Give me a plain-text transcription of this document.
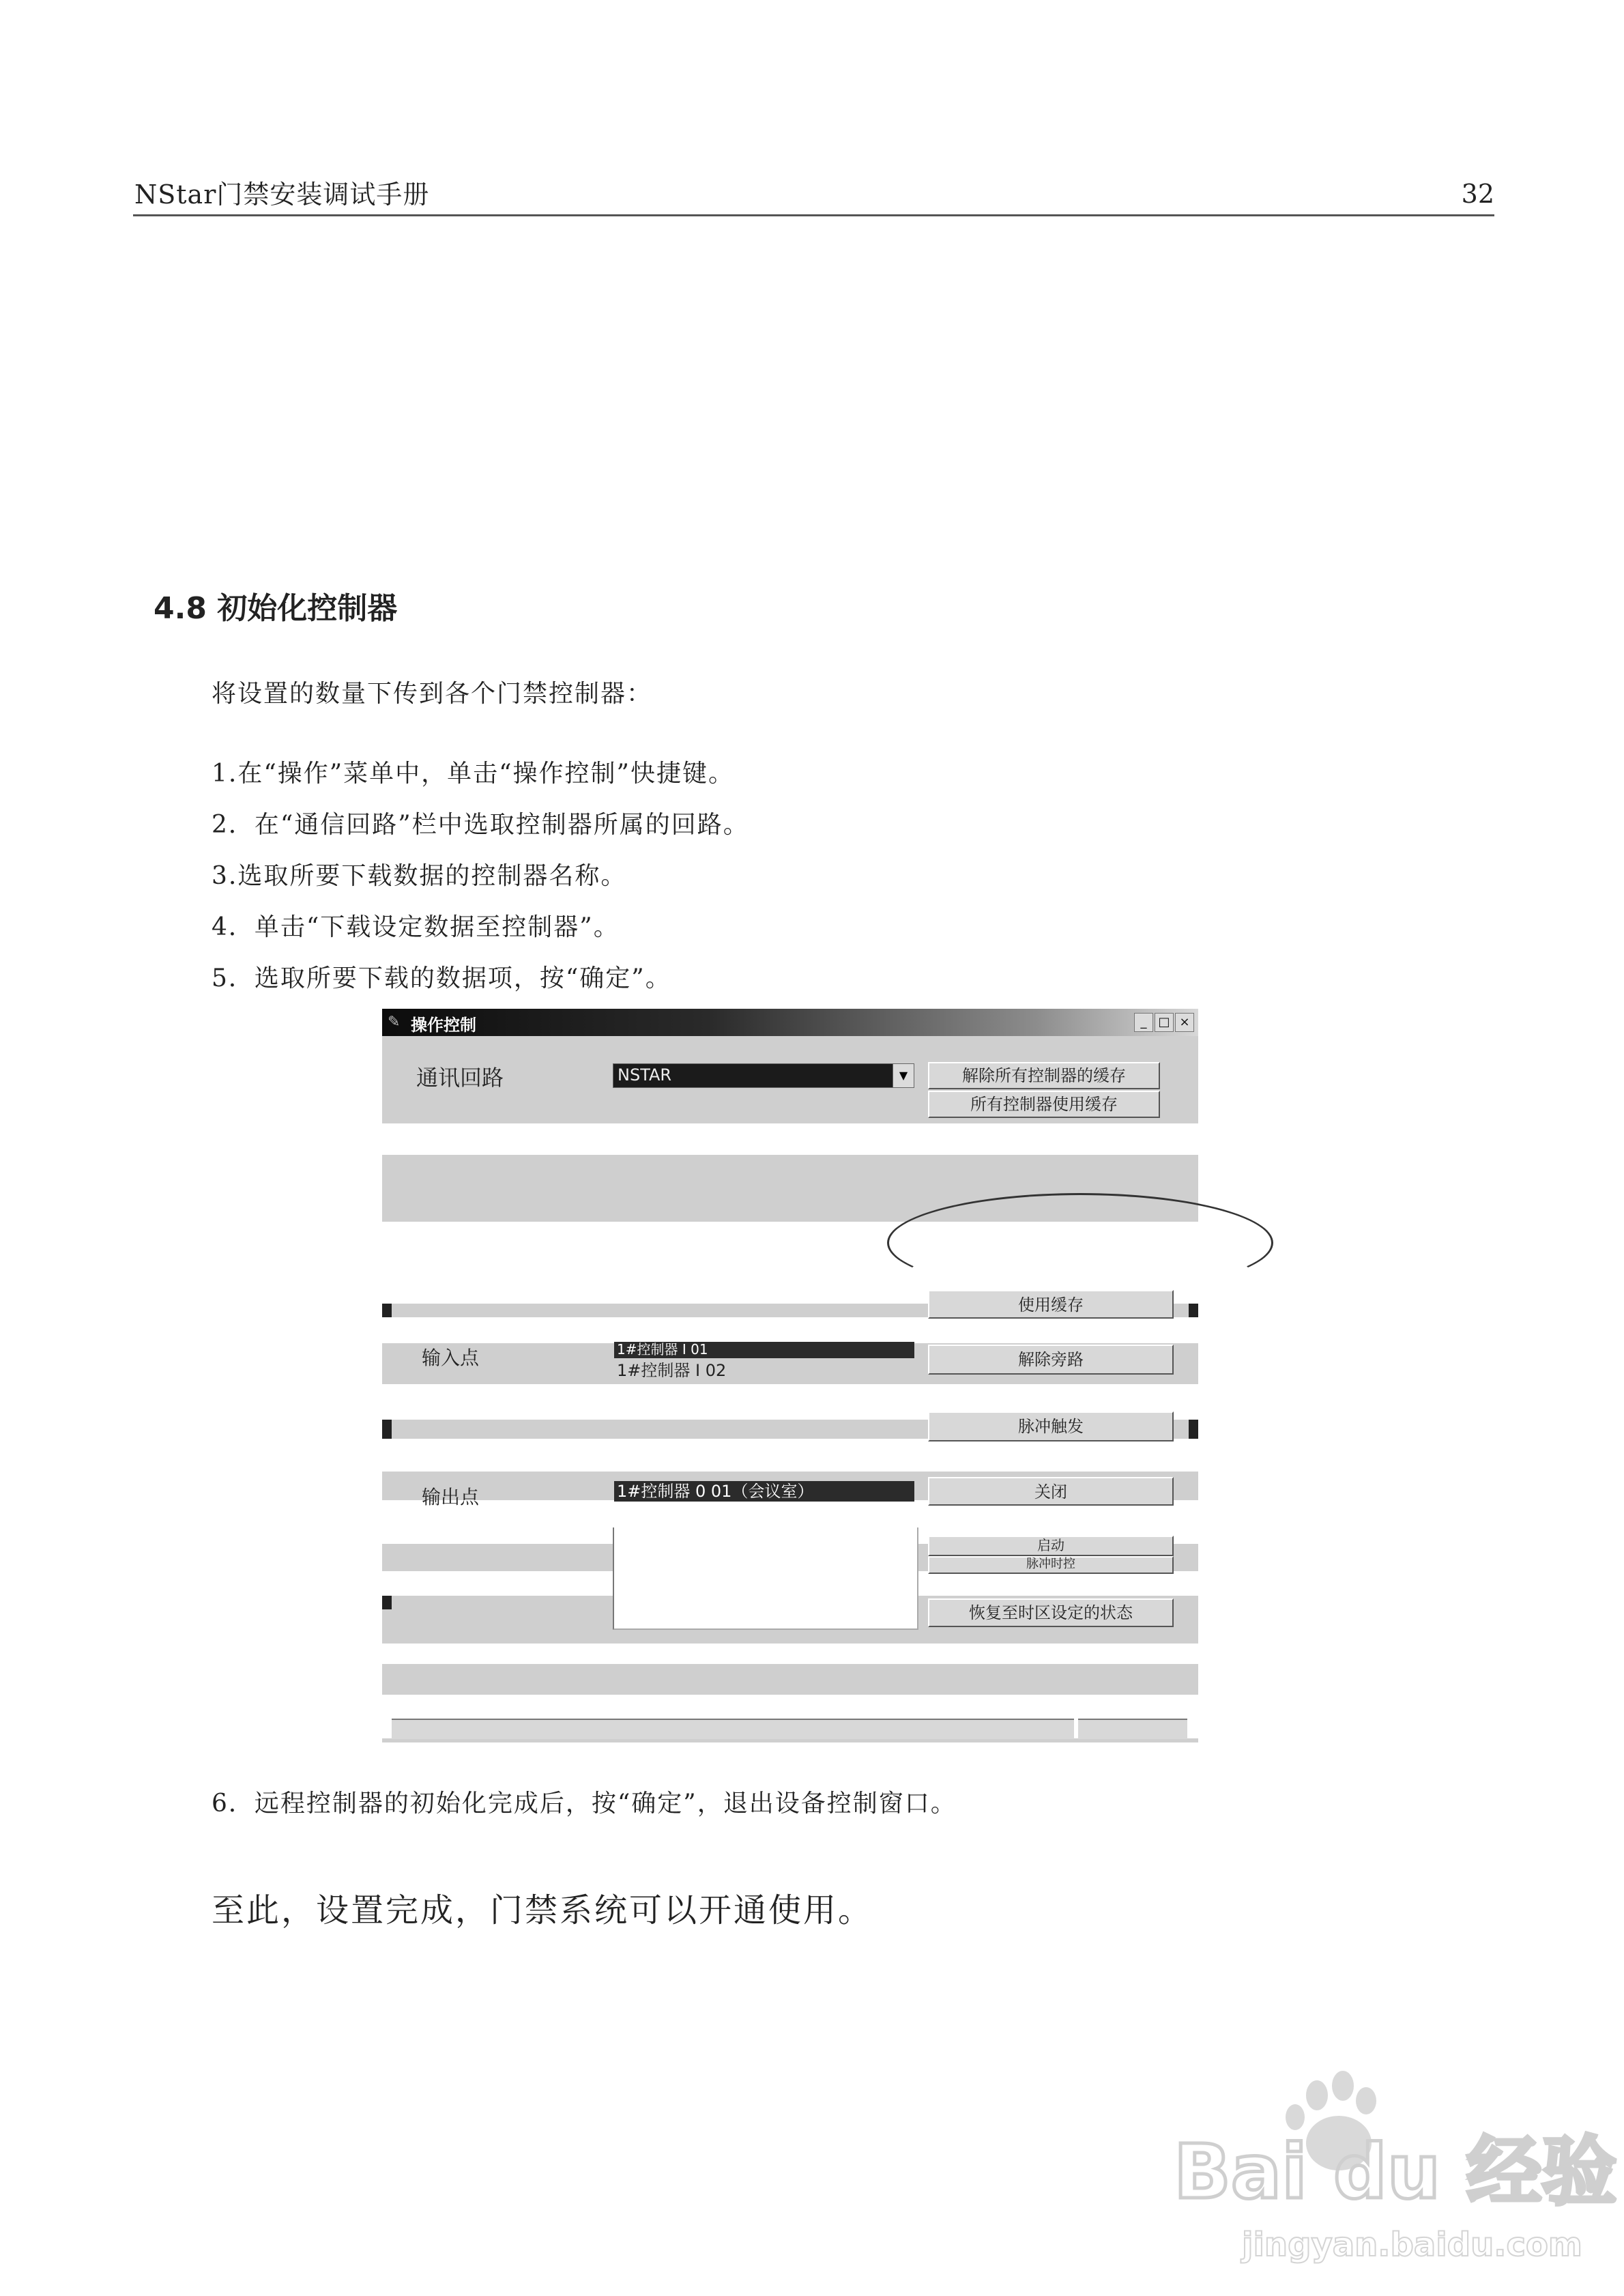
NStar门禁安装调试手册	32
4.8 初始化控制器
将设置的数量下传到各个门禁控制器：
1.在“操作”菜单中，单击“操作控制”快捷键。
2．在“通信回路”栏中选取控制器所属的回路。
3.选取所要下载数据的控制器名称。
4．单击“下载设定数据至控制器”。
5．选取所要下载的数据项，按“确定”。
✎ 操作控制	_ □ ×
通讯回路	NSTAR	▼	解除所有控制器的缓存
所有控制器使用缓存
使用缓存
输入点	1#控制器 I 01
1#控制器 I 02
解除旁路
脉冲触发
输出点	1#控制器 0 01（会议室）	关闭
启动
脉冲时控
恢复至时区设定的状态
6．远程控制器的初始化完成后，按“确定”，退出设备控制窗口。
至此，设置完成，门禁系统可以开通使用。
Bai du 经验
jingyan.baidu.com
